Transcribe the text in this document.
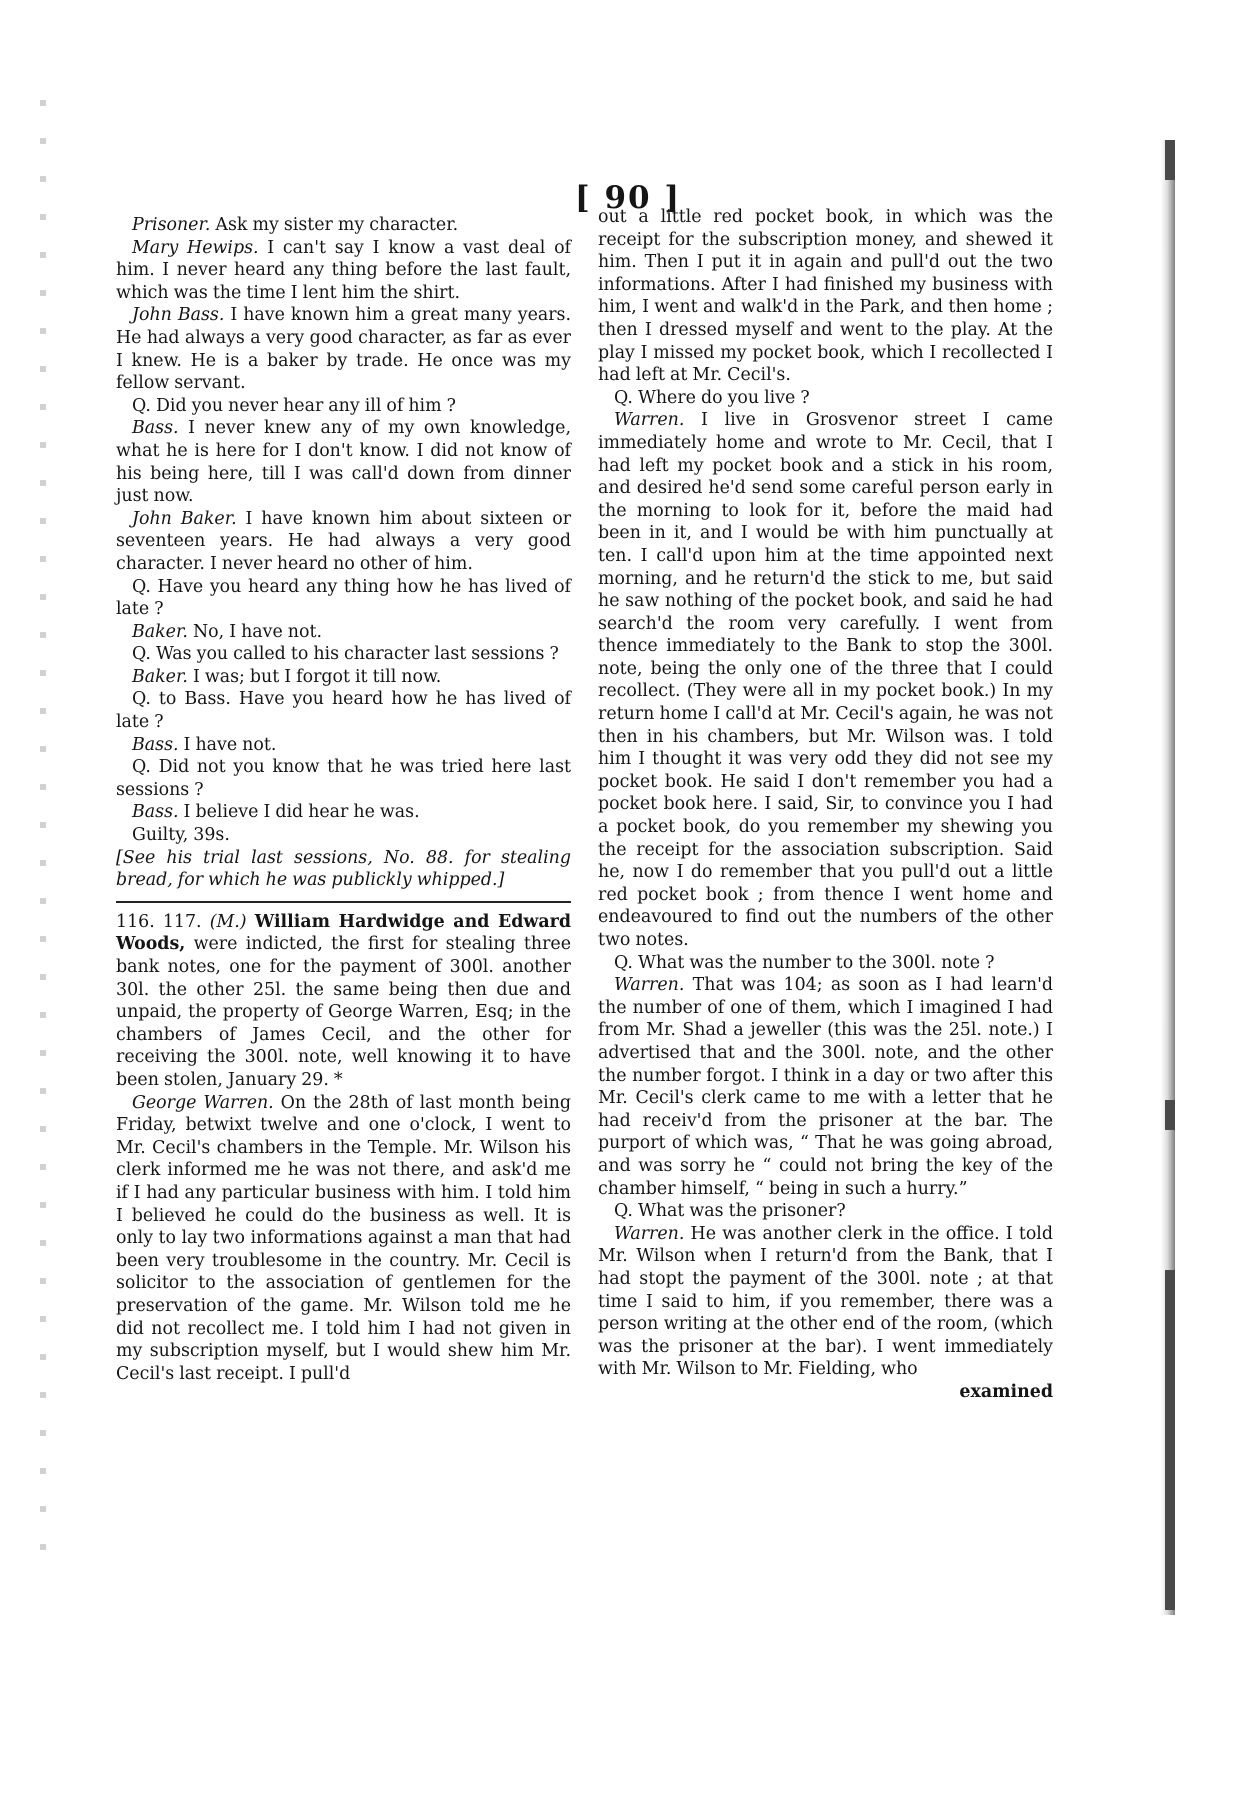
[ 90 ]

Prisoner. Ask my sister my character.

Mary Hewips. I can't say I know a vast deal of him. I never heard any thing before the last fault, which was the time I lent him the shirt.

John Bass. I have known him a great many years. He had always a very good character, as far as ever I knew. He is a baker by trade. He once was my fellow servant.

Q. Did you never hear any ill of him ?

Bass. I never knew any of my own knowledge, what he is here for I don't know. I did not know of his being here, till I was call'd down from dinner just now.

John Baker. I have known him about sixteen or seventeen years. He had always a very good character. I never heard no other of him.

Q. Have you heard any thing how he has lived of late ?

Baker. No, I have not.

Q. Was you called to his character last sessions ?

Baker. I was; but I forgot it till now.

Q. to Bass. Have you heard how he has lived of late ?

Bass. I have not.

Q. Did not you know that he was tried here last sessions ?

Bass. I believe I did hear he was.

Guilty, 39s.

[See his trial last sessions, No. 88. for stealing bread, for which he was publickly whipped.]

116. 117. (M.) William Hardwidge and Edward Woods, were indicted, the first for stealing three bank notes, one for the payment of 300l. another 30l. the other 25l. the same being then due and unpaid, the property of George Warren, Esq; in the chambers of James Cecil, and the other for receiving the 300l. note, well knowing it to have been stolen, January 29. *

George Warren. On the 28th of last month being Friday, betwixt twelve and one o'clock, I went to Mr. Cecil's chambers in the Temple. Mr. Wilson his clerk informed me he was not there, and ask'd me if I had any particular business with him. I told him I believed he could do the business as well. It is only to lay two informations against a man that had been very troublesome in the country. Mr. Cecil is solicitor to the association of gentlemen for the preservation of the game. Mr. Wilson told me he did not recollect me. I told him I had not given in my subscription myself, but I would shew him Mr. Cecil's last receipt. I pull'd

out a little red pocket book, in which was the receipt for the subscription money, and shewed it him. Then I put it in again and pull'd out the two informations. After I had finished my business with him, I went and walk'd in the Park, and then home ; then I dressed myself and went to the play. At the play I missed my pocket book, which I recollected I had left at Mr. Cecil's.

Q. Where do you live ?

Warren. I live in Grosvenor street I came immediately home and wrote to Mr. Cecil, that I had left my pocket book and a stick in his room, and desired he'd send some careful person early in the morning to look for it, before the maid had been in it, and I would be with him punctually at ten. I call'd upon him at the time appointed next morning, and he return'd the stick to me, but said he saw nothing of the pocket book, and said he had search'd the room very carefully. I went from thence immediately to the Bank to stop the 300l. note, being the only one of the three that I could recollect. (They were all in my pocket book.) In my return home I call'd at Mr. Cecil's again, he was not then in his chambers, but Mr. Wilson was. I told him I thought it was very odd they did not see my pocket book. He said I don't remember you had a pocket book here. I said, Sir, to convince you I had a pocket book, do you remember my shewing you the receipt for the association subscription. Said he, now I do remember that you pull'd out a little red pocket book ; from thence I went home and endeavoured to find out the numbers of the other two notes.

Q. What was the number to the 300l. note ?

Warren. That was 104; as soon as I had learn'd the number of one of them, which I imagined I had from Mr. Shad a jeweller (this was the 25l. note.) I advertised that and the 300l. note, and the other the number forgot. I think in a day or two after this Mr. Cecil's clerk came to me with a letter that he had receiv'd from the prisoner at the bar. The purport of which was, “ That he was going abroad, and was sorry he “ could not bring the key of the chamber himself, “ being in such a hurry.”

Q. What was the prisoner?

Warren. He was another clerk in the office. I told Mr. Wilson when I return'd from the Bank, that I had stopt the payment of the 300l. note ; at that time I said to him, if you remember, there was a person writing at the other end of the room, (which was the prisoner at the bar). I went immediately with Mr. Wilson to Mr. Fielding, who

examined
